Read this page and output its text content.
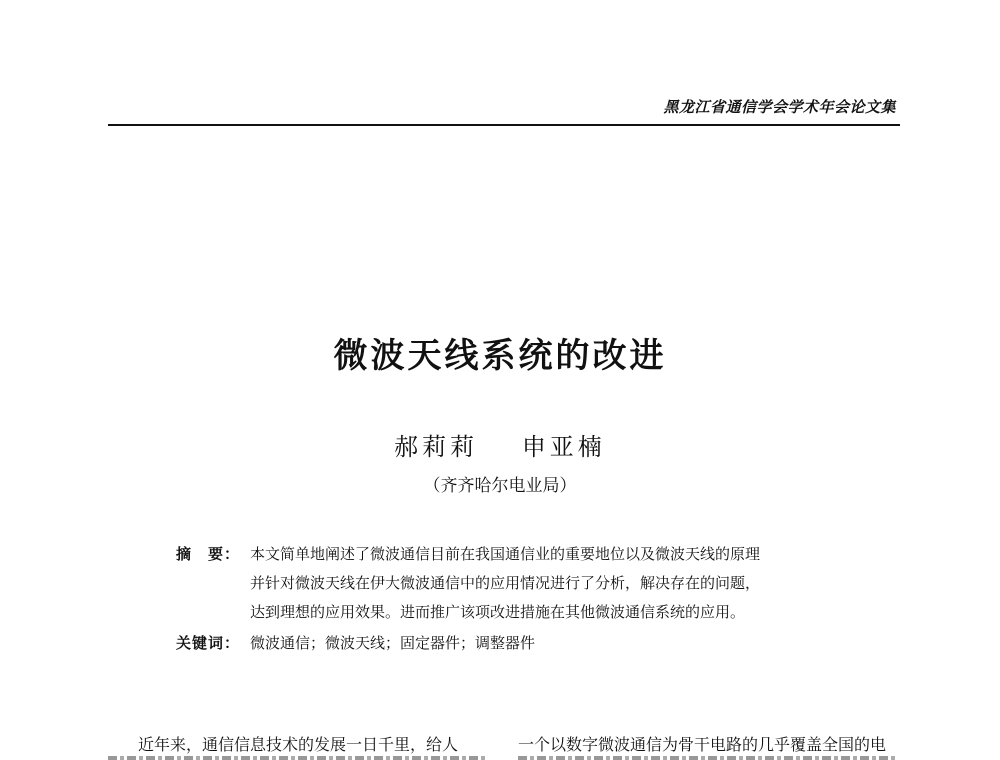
黑龙江省通信学会学术年会论文集
微波天线系统的改进
郝莉莉 申亚楠
（齐齐哈尔电业局）
摘　要： 本文简单地阐述了微波通信目前在我国通信业的重要地位以及微波天线的原理
并针对微波天线在伊大微波通信中的应用情况进行了分析，解决存在的问题，
达到理想的应用效果。进而推广该项改进措施在其他微波通信系统的应用。
关键词： 微波通信；微波天线；固定器件；调整器件
近年来，通信信息技术的发展一日千里，给人	一个以数字微波通信为骨干电路的几乎覆盖全国的电
